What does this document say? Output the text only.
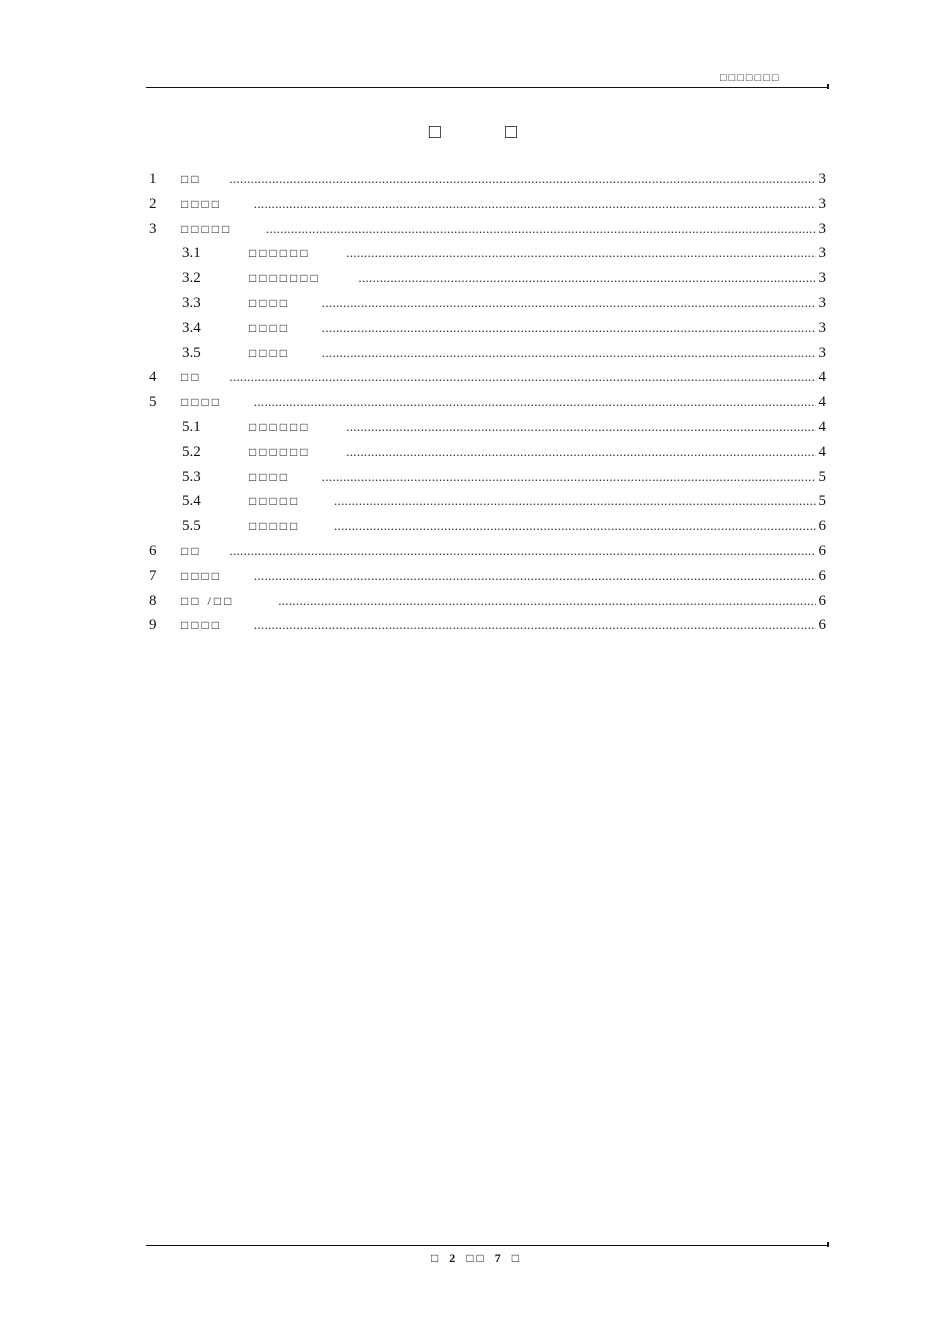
□□□□□□□
□ □
1 □□ .....	3
2 □□□□ .....	3
3 □□□□□ .....	3
3.1	□□□□□□ .....	3
3.2	□□□□□□□ .....	3
3.3	□□□□ .....	3
3.4	□□□□ .....	3
3.5	□□□□ .....	3
4 □□ .....	4
5 □□□□ .....	4
5.1	□□□□□□ .....	4
5.2	□□□□□□ .....	4
5.3	□□□□ .....	5
5.4	□□□□□ .....	5
5.5	□□□□□ .....	6
6 □□ .....	6
7 □□□□ .....	6
8 □□ /□□ .....	6
9 □□□□ .....	6
□ 2 □ □ 7 □
